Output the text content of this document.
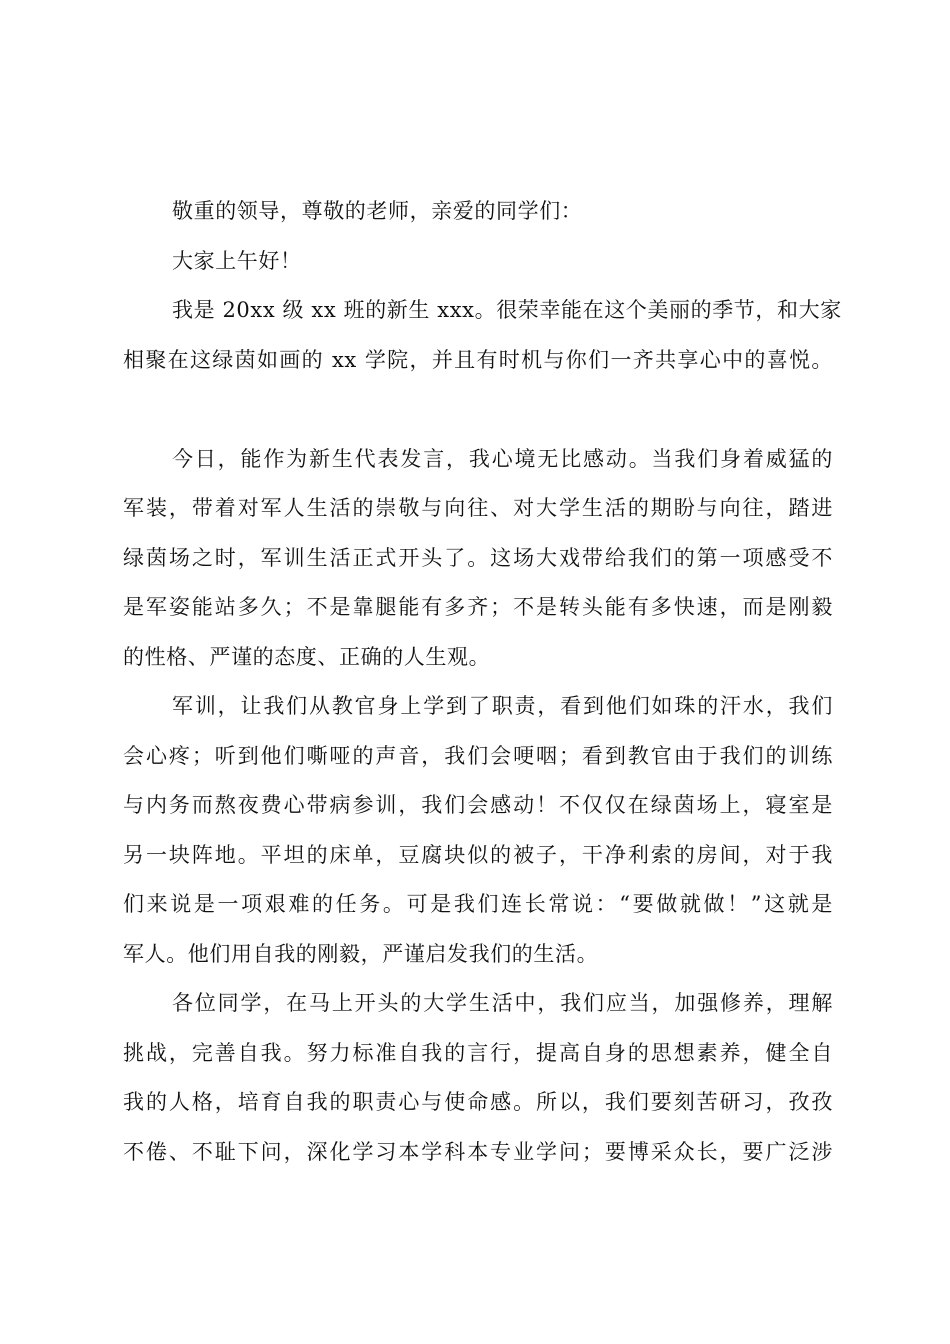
敬重的领导，尊敬的老师，亲爱的同学们：
大家上午好！
我是 20xx 级 xx 班的新生 xxx。很荣幸能在这个美丽的季节，和大家
相聚在这绿茵如画的 xx 学院，并且有时机与你们一齐共享心中的喜悦。
今日，能作为新生代表发言，我心境无比感动。当我们身着威猛的
军装，带着对军人生活的崇敬与向往、对大学生活的期盼与向往，踏进
绿茵场之时，军训生活正式开头了。这场大戏带给我们的第一项感受不
是军姿能站多久；不是靠腿能有多齐；不是转头能有多快速，而是刚毅
的性格、严谨的态度、正确的人生观。
军训，让我们从教官身上学到了职责，看到他们如珠的汗水，我们
会心疼；听到他们嘶哑的声音，我们会哽咽；看到教官由于我们的训练
与内务而熬夜费心带病参训，我们会感动！不仅仅在绿茵场上，寝室是
另一块阵地。平坦的床单，豆腐块似的被子，干净利索的房间，对于我
们来说是一项艰难的任务。可是我们连长常说：“要做就做！”这就是
军人。他们用自我的刚毅，严谨启发我们的生活。
各位同学，在马上开头的大学生活中，我们应当，加强修养，理解
挑战，完善自我。努力标准自我的言行，提高自身的思想素养，健全自
我的人格，培育自我的职责心与使命感。所以，我们要刻苦研习，孜孜
不倦、不耻下问，深化学习本学科本专业学问；要博采众长，要广泛涉
